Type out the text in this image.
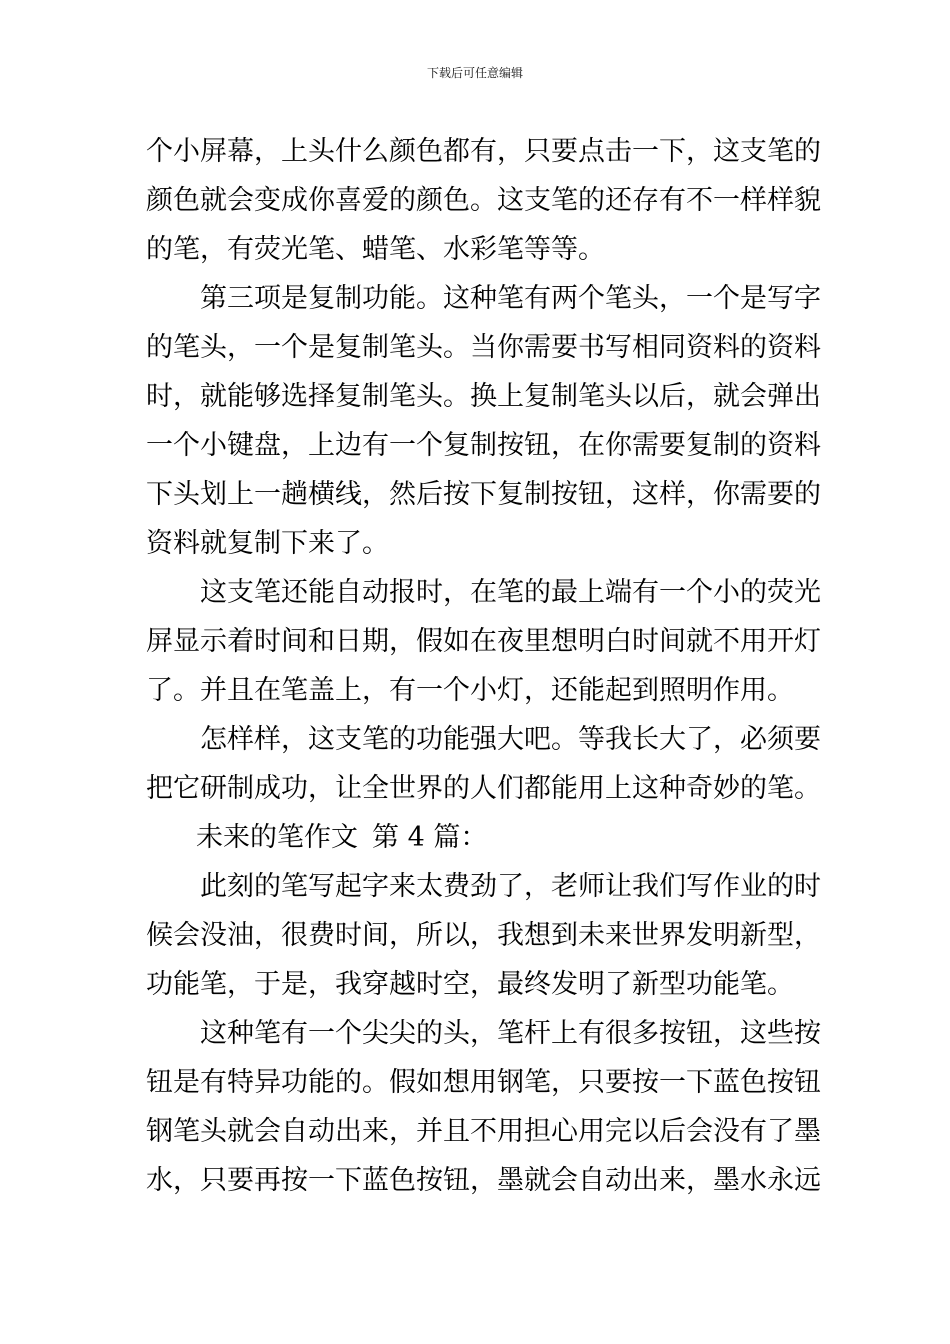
下载后可任意编辑
个小屏幕，上头什么颜色都有，只要点击一下，这支笔的
颜色就会变成你喜爱的颜色。这支笔的还存有不一样样貌
的笔，有荧光笔、蜡笔、水彩笔等等。
第三项是复制功能。这种笔有两个笔头，一个是写字
的笔头，一个是复制笔头。当你需要书写相同资料的资料
时，就能够选择复制笔头。换上复制笔头以后，就会弹出
一个小键盘，上边有一个复制按钮，在你需要复制的资料
下头划上一趟横线，然后按下复制按钮，这样，你需要的
资料就复制下来了。
这支笔还能自动报时，在笔的最上端有一个小的荧光
屏显示着时间和日期，假如在夜里想明白时间就不用开灯
了。并且在笔盖上，有一个小灯，还能起到照明作用。
怎样样，这支笔的功能强大吧。等我长大了，必须要
把它研制成功，让全世界的人们都能用上这种奇妙的笔。
未来的笔作文 第 4 篇：
此刻的笔写起字来太费劲了，老师让我们写作业的时
候会没油，很费时间，所以，我想到未来世界发明新型，
功能笔，于是，我穿越时空，最终发明了新型功能笔。
这种笔有一个尖尖的头，笔杆上有很多按钮，这些按
钮是有特异功能的。假如想用钢笔，只要按一下蓝色按钮
钢笔头就会自动出来，并且不用担心用完以后会没有了墨
水，只要再按一下蓝色按钮，墨就会自动出来，墨水永远
